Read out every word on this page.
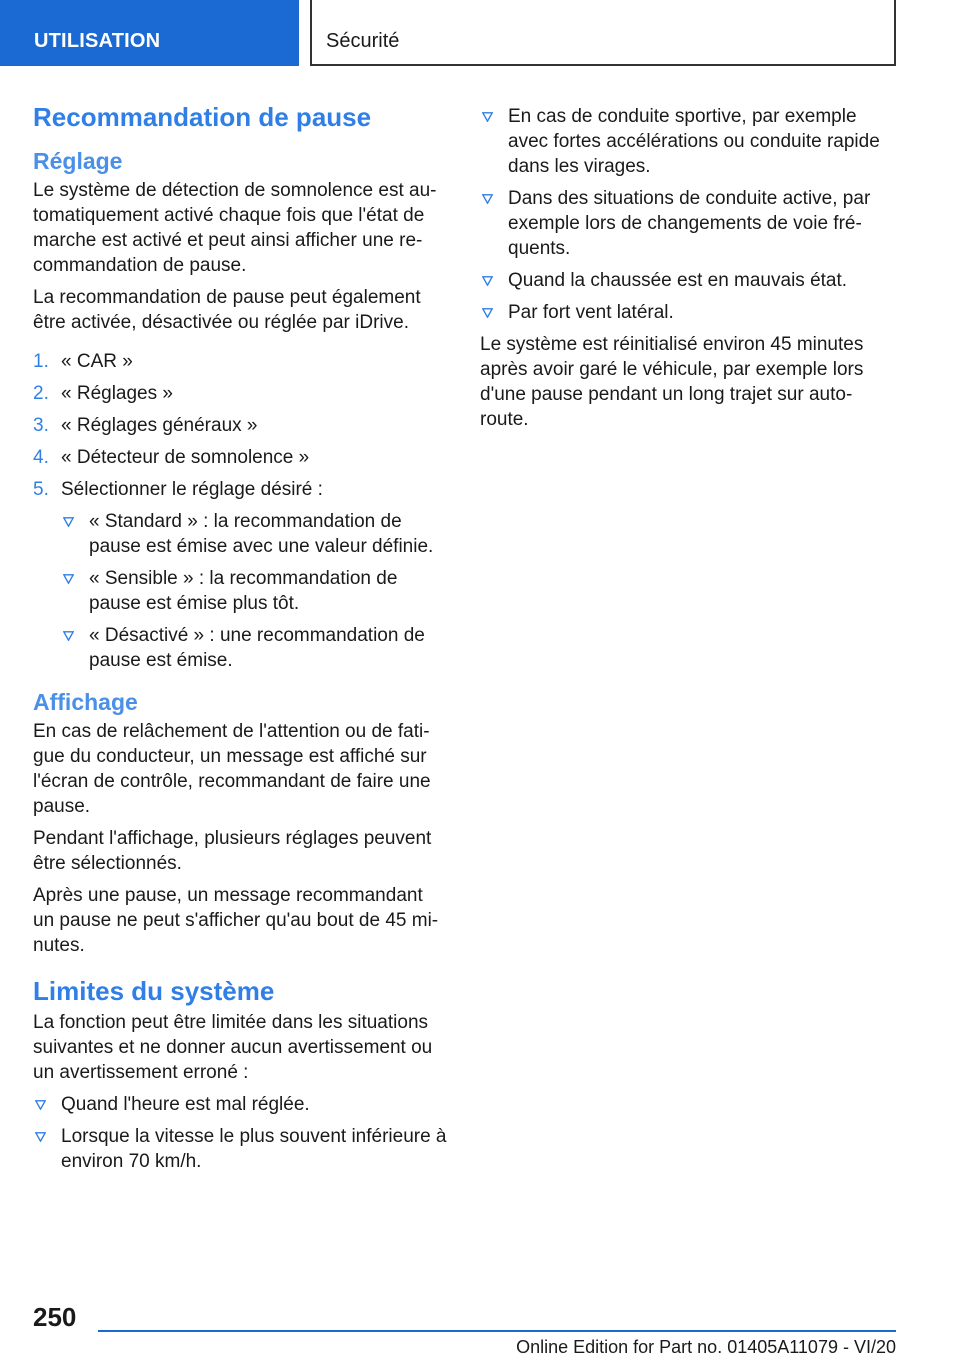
UTILISATION	Sécurité
Recommandation de pause
Réglage

Le système de détection de somnolence est au-tomatiquement activé chaque fois que l'état de marche est activé et peut ainsi afficher une re-commandation de pause.

La recommandation de pause peut également être activée, désactivée ou réglée par iDrive.

1. « CAR »
2. « Réglages »
3. « Réglages généraux »
4. « Détecteur de somnolence »
5. Sélectionner le réglage désiré :
« Standard » : la recommandation de pause est émise avec une valeur définie.
« Sensible » : la recommandation de pause est émise plus tôt.
« Désactivé » : une recommandation de pause est émise.
Affichage

En cas de relâchement de l'attention ou de fati-gue du conducteur, un message est affiché sur l'écran de contrôle, recommandant de faire une pause.

Pendant l'affichage, plusieurs réglages peuvent être sélectionnés.

Après une pause, un message recommandant un pause ne peut s'afficher qu'au bout de 45 mi-nutes.

Limites du système

La fonction peut être limitée dans les situations suivantes et ne donner aucun avertissement ou un avertissement erroné :

Quand l'heure est mal réglée.
Lorsque la vitesse le plus souvent inférieure à environ 70 km/h.
En cas de conduite sportive, par exemple avec fortes accélérations ou conduite rapide dans les virages.
Dans des situations de conduite active, par exemple lors de changements de voie fré-quents.
Quand la chaussée est en mauvais état.
Par fort vent latéral.

Le système est réinitialisé environ 45 minutes après avoir garé le véhicule, par exemple lors d'une pause pendant un long trajet sur auto-route.

250
Online Edition for Part no. 01405A11079 - VI/20
